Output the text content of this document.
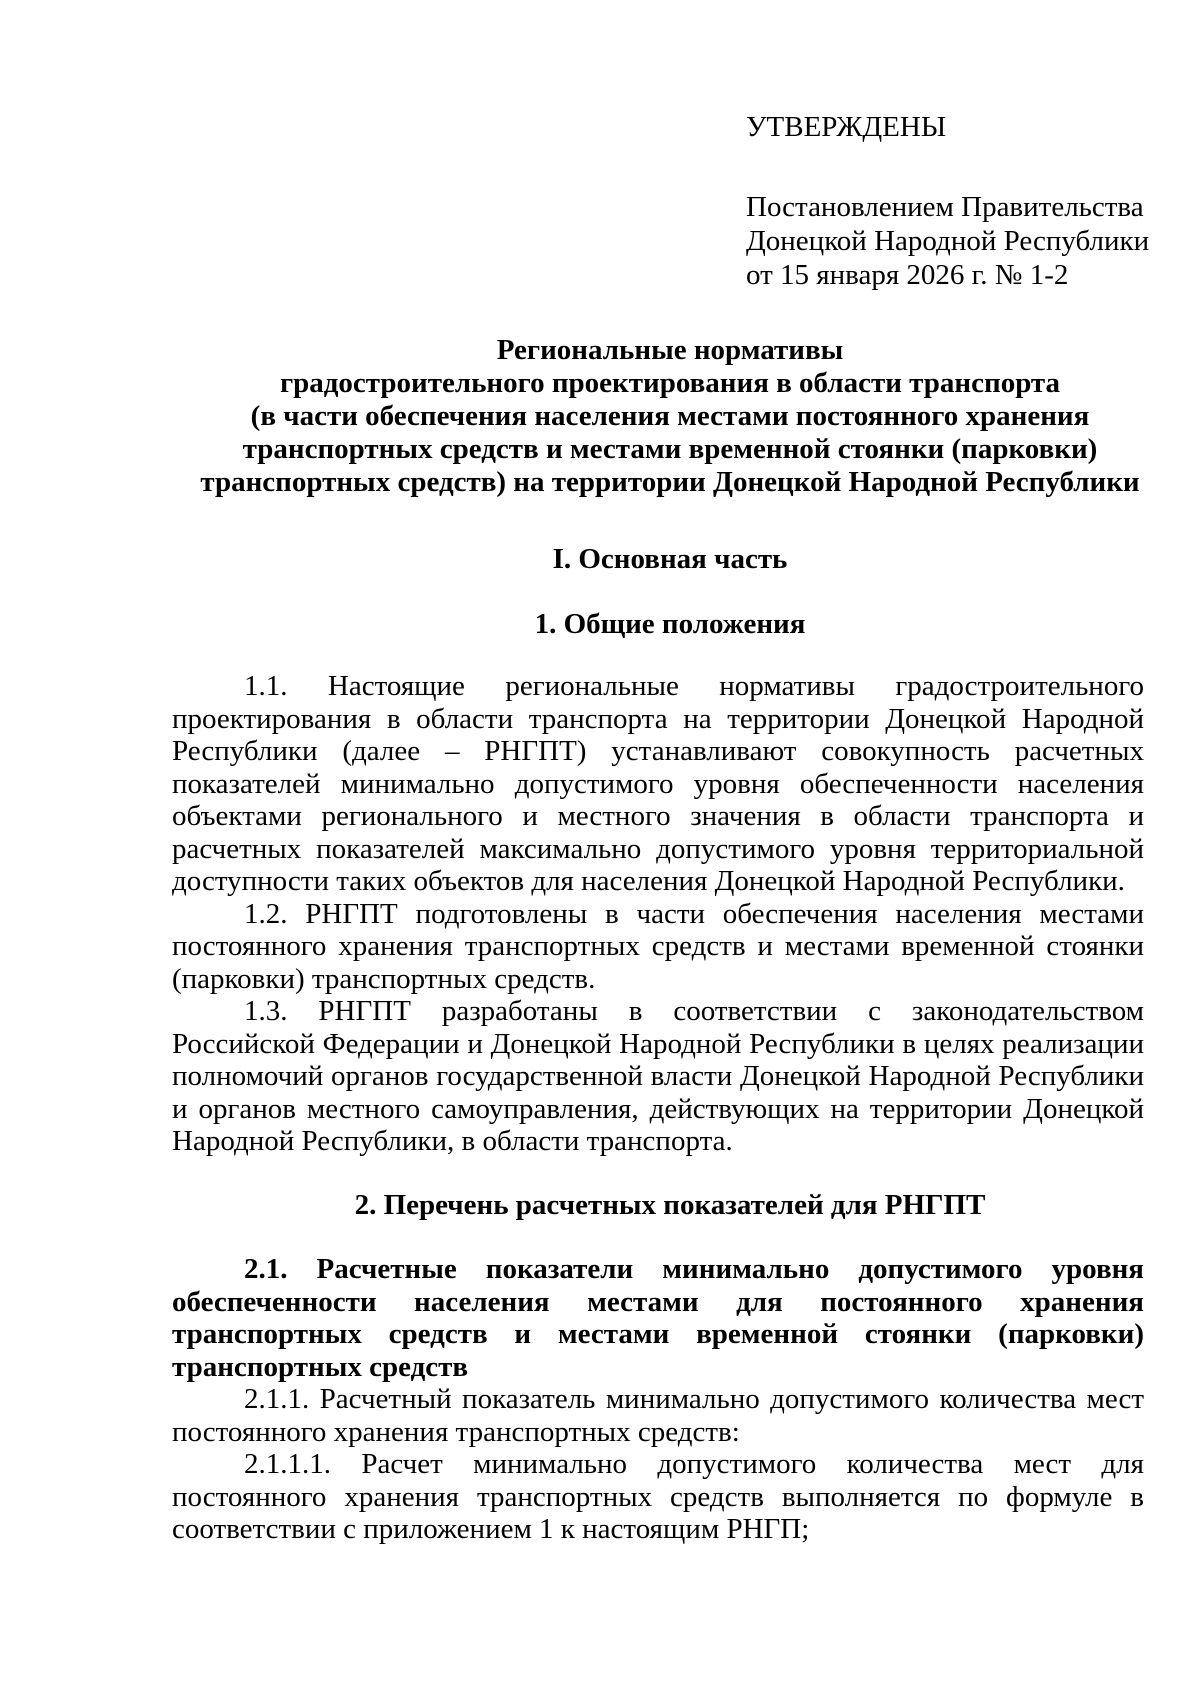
УТВЕРЖДЕНЫ
Постановлением Правительства
Донецкой Народной Республики
от 15 января 2026 г. № 1-2
Региональные нормативы
градостроительного проектирования в области транспорта
(в части обеспечения населения местами постоянного хранения
транспортных средств и местами временной стоянки (парковки)
транспортных средств) на территории Донецкой Народной Республики
I. Основная часть
1. Общие положения

1.1. Настоящие региональные нормативы градостроительного проектирования в области транспорта на территории Донецкой Народной Республики (далее – РНГПТ) устанавливают совокупность расчетных показателей минимально допустимого уровня обеспеченности населения объектами регионального и местного значения в области транспорта и расчетных показателей максимально допустимого уровня территориальной доступности таких объектов для населения Донецкой Народной Республики.

1.2. РНГПТ подготовлены в части обеспечения населения местами постоянного хранения транспортных средств и местами временной стоянки (парковки) транспортных средств.

1.3. РНГПТ разработаны в соответствии с законодательством Российской Федерации и Донецкой Народной Республики в целях реализации полномочий органов государственной власти Донецкой Народной Республики и органов местного самоуправления, действующих на территории Донецкой Народной Республики, в области транспорта.

2. Перечень расчетных показателей для РНГПТ

2.1. Расчетные показатели минимально допустимого уровня обеспеченности населения местами для постоянного хранения транспортных средств и местами временной стоянки (парковки) транспортных средств

2.1.1. Расчетный показатель минимально допустимого количества мест постоянного хранения транспортных средств:

2.1.1.1. Расчет минимально допустимого количества мест для постоянного хранения транспортных средств выполняется по формуле в соответствии с приложением 1 к настоящим РНГП;
